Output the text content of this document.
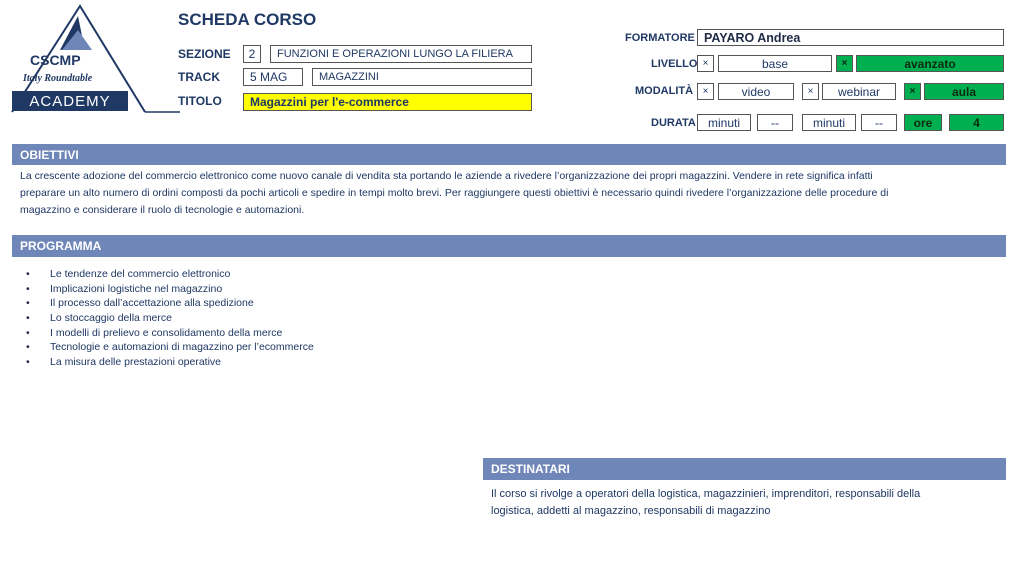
CSCMP
Italy Roundtable
ACADEMY
SCHEDA CORSO
SEZIONE	2	FUNZIONI E OPERAZIONI LUNGO LA FILIERA
TRACK	5 MAG	MAGAZZINI
TITOLO	Magazzini per l'e-commerce
FORMATORE PAYARO Andrea
LIVELLO ×	base	×	avanzato
MODALITÀ ×	video	×	webinar	×	aula
DURATA	minuti	--	minuti	--	ore	4
OBIETTIVI
La crescente adozione del commercio elettronico come nuovo canale di vendita sta portando le aziende a rivedere l’organizzazione dei propri magazzini. Vendere in rete significa infatti
preparare un alto numero di ordini composti da pochi articoli e spedire in tempi molto brevi. Per raggiungere questi obiettivi è necessario quindi rivedere l’organizzazione delle procedure di
magazzino e considerare il ruolo di tecnologie e automazioni.
PROGRAMMA
• Le tendenze del commercio elettronico
• Implicazioni logistiche nel magazzino
• Il processo dall’accettazione alla spedizione
• Lo stoccaggio della merce
• I modelli di prelievo e consolidamento della merce
• Tecnologie e automazioni di magazzino per l’ecommerce
• La misura delle prestazioni operative
DESTINATARI
Il corso si rivolge a operatori della logistica, magazzinieri, imprenditori, responsabili della
logistica, addetti al magazzino, responsabili di magazzino
